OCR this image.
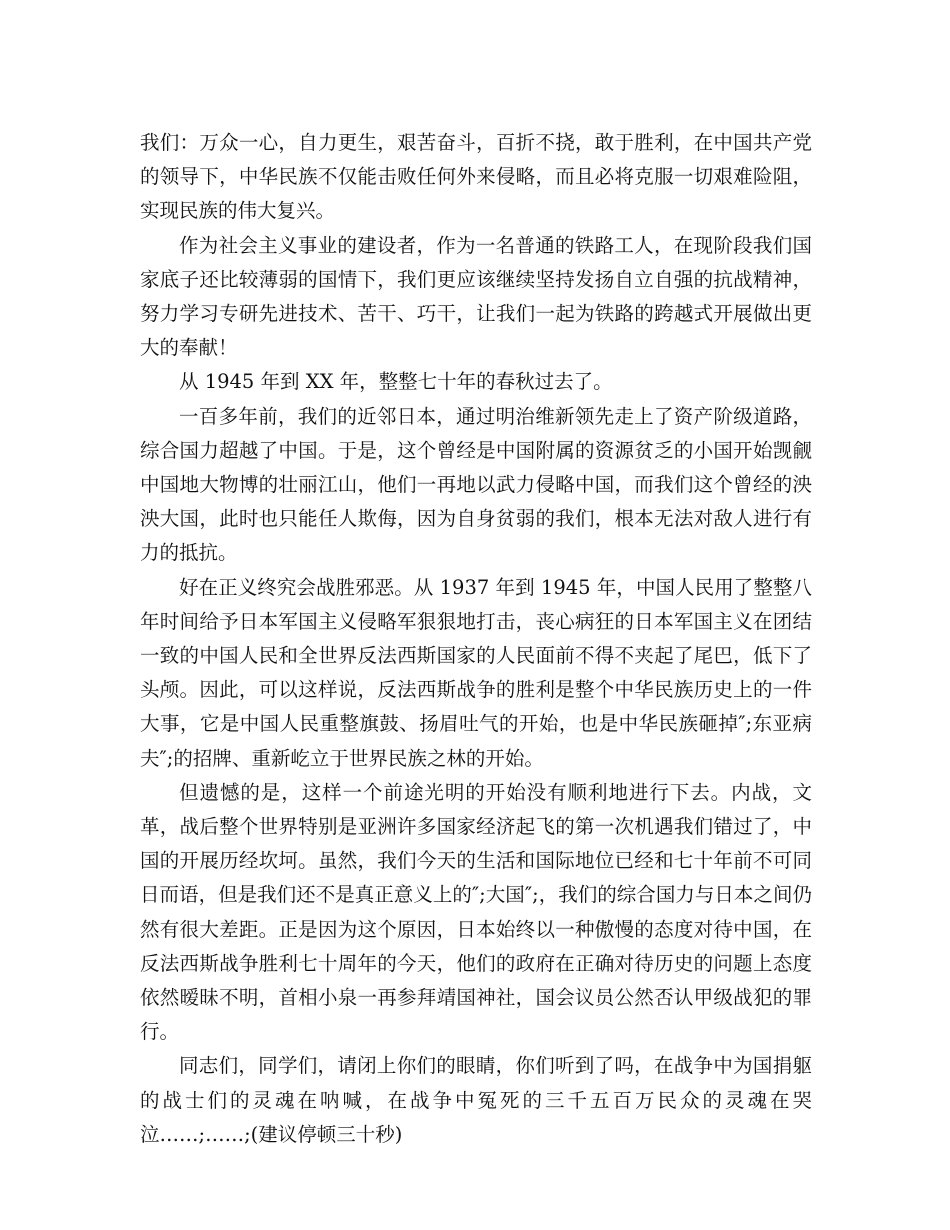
我们：万众一心，自力更生，艰苦奋斗，百折不挠，敢于胜利，在中国共产党的领导下，中华民族不仅能击败任何外来侵略，而且必将克服一切艰难险阻，实现民族的伟大复兴。

作为社会主义事业的建设者，作为一名普通的铁路工人，在现阶段我们国家底子还比较薄弱的国情下，我们更应该继续坚持发扬自立自强的抗战精神，努力学习专研先进技术、苦干、巧干，让我们一起为铁路的跨越式开展做出更大的奉献！

从 1945 年到 XX 年，整整七十年的春秋过去了。

一百多年前，我们的近邻日本，通过明治维新领先走上了资产阶级道路，综合国力超越了中国。于是，这个曾经是中国附属的资源贫乏的小国开始觊觎中国地大物博的壮丽江山，他们一再地以武力侵略中国，而我们这个曾经的泱泱大国，此时也只能任人欺侮，因为自身贫弱的我们，根本无法对敌人进行有力的抵抗。

好在正义终究会战胜邪恶。从 1937 年到 1945 年，中国人民用了整整八年时间给予日本军国主义侵略军狠狠地打击，丧心病狂的日本军国主义在团结一致的中国人民和全世界反法西斯国家的人民面前不得不夹起了尾巴，低下了头颅。因此，可以这样说，反法西斯战争的胜利是整个中华民族历史上的一件大事，它是中国人民重整旗鼓、扬眉吐气的开始，也是中华民族砸掉″;东亚病夫″;的招牌、重新屹立于世界民族之林的开始。

但遗憾的是，这样一个前途光明的开始没有顺利地进行下去。内战，文革，战后整个世界特别是亚洲许多国家经济起飞的第一次机遇我们错过了，中国的开展历经坎坷。虽然，我们今天的生活和国际地位已经和七十年前不可同日而语，但是我们还不是真正意义上的″;大国″;，我们的综合国力与日本之间仍然有很大差距。正是因为这个原因，日本始终以一种傲慢的态度对待中国，在反法西斯战争胜利七十周年的今天，他们的政府在正确对待历史的问题上态度依然暧昧不明，首相小泉一再参拜靖国神社，国会议员公然否认甲级战犯的罪行。

同志们，同学们，请闭上你们的眼睛，你们听到了吗，在战争中为国捐躯的战士们的灵魂在呐喊，在战争中冤死的三千五百万民众的灵魂在哭泣……;……;(建议停顿三十秒)
